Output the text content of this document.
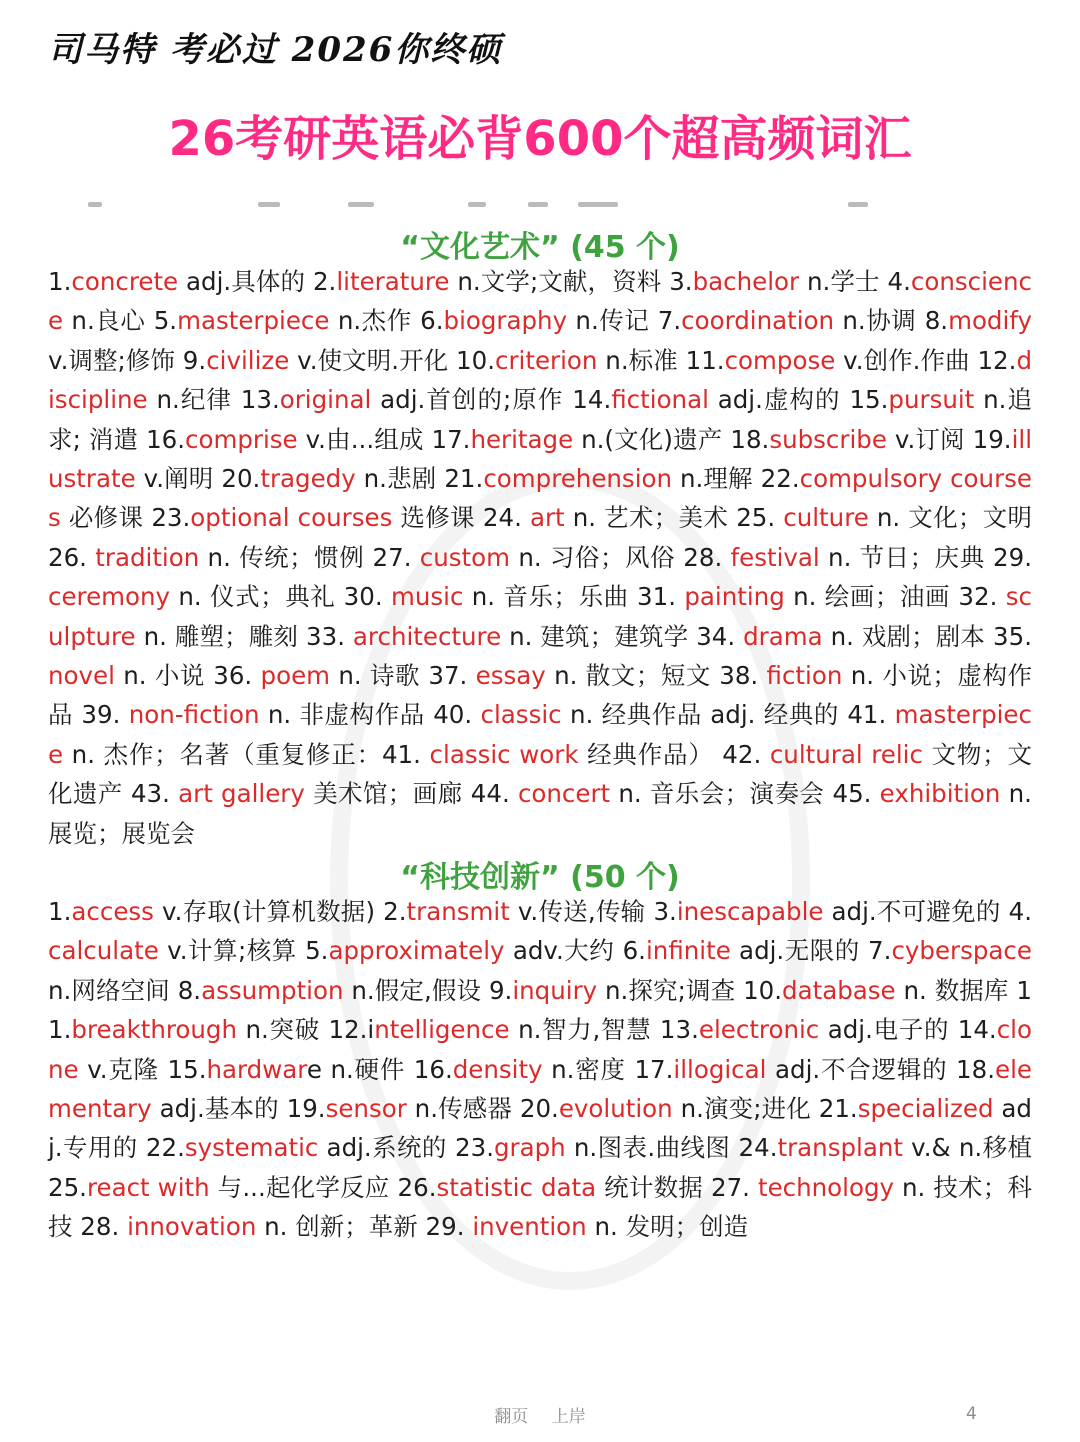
司马特 考必过 2026你终硕
26考研英语必背600个超高频词汇
“文化艺术” (45 个)
1.concrete adj.具体的 2.literature n.文学;文献，资料 3.bachelor n.学士 4.conscience n.良心 5.masterpiece n.杰作 6.biography n.传记 7.coordination n.协调 8.modify v.调整;修饰 9.civilize v.使文明.开化 10.criterion n.标准 11.compose v.创作.作曲 12.discipline n.纪律 13.original adj.首创的;原作 14.fictional adj.虚构的 15.pursuit n.追求; 消遣 16.comprise v.由...组成 17.heritage n.(文化)遗产 18.subscribe v.订阅 19.illustrate v.阐明 20.tragedy n.悲剧 21.comprehension n.理解 22.compulsory courses 必修课 23.optional courses 选修课 24. art n. 艺术；美术 25. culture n. 文化；文明 26. tradition n. 传统；惯例 27. custom n. 习俗；风俗 28. festival n. 节日；庆典 29. ceremony n. 仪式；典礼 30. music n. 音乐；乐曲 31. painting n. 绘画；油画 32. sculpture n. 雕塑；雕刻 33. architecture n. 建筑；建筑学 34. drama n. 戏剧；剧本 35. novel n. 小说 36. poem n. 诗歌 37. essay n. 散文；短文 38. fiction n. 小说；虚构作品 39. non-fiction n. 非虚构作品 40. classic n. 经典作品 adj. 经典的 41. masterpiece n. 杰作；名著（重复修正：41. classic work 经典作品） 42. cultural relic 文物；文化遗产 43. art gallery 美术馆；画廊 44. concert n. 音乐会；演奏会 45. exhibition n. 展览；展览会
“科技创新” (50 个)
1.access v.存取(计算机数据) 2.transmit v.传送,传输 3.inescapable adj.不可避免的 4.calculate v.计算;核算 5.approximately adv.大约 6.infinite adj.无限的 7.cyberspace n.网络空间 8.assumption n.假定,假设 9.inquiry n.探究;调查 10.database n. 数据库 11.breakthrough n.突破 12.intelligence n.智力,智慧 13.electronic adj.电子的 14.clone v.克隆 15.hardware n.硬件 16.density n.密度 17.illogical adj.不合逻辑的 18.elementary adj.基本的 19.sensor n.传感器 20.evolution n.演变;进化 21.specialized adj.专用的 22.systematic adj.系统的 23.graph n.图表.曲线图 24.transplant v.& n.移植 25.react with 与...起化学反应 26.statistic data 统计数据 27. technology n. 技术；科技 28. innovation n. 创新；革新 29. invention n. 发明；创造
翻页 上岸	4
